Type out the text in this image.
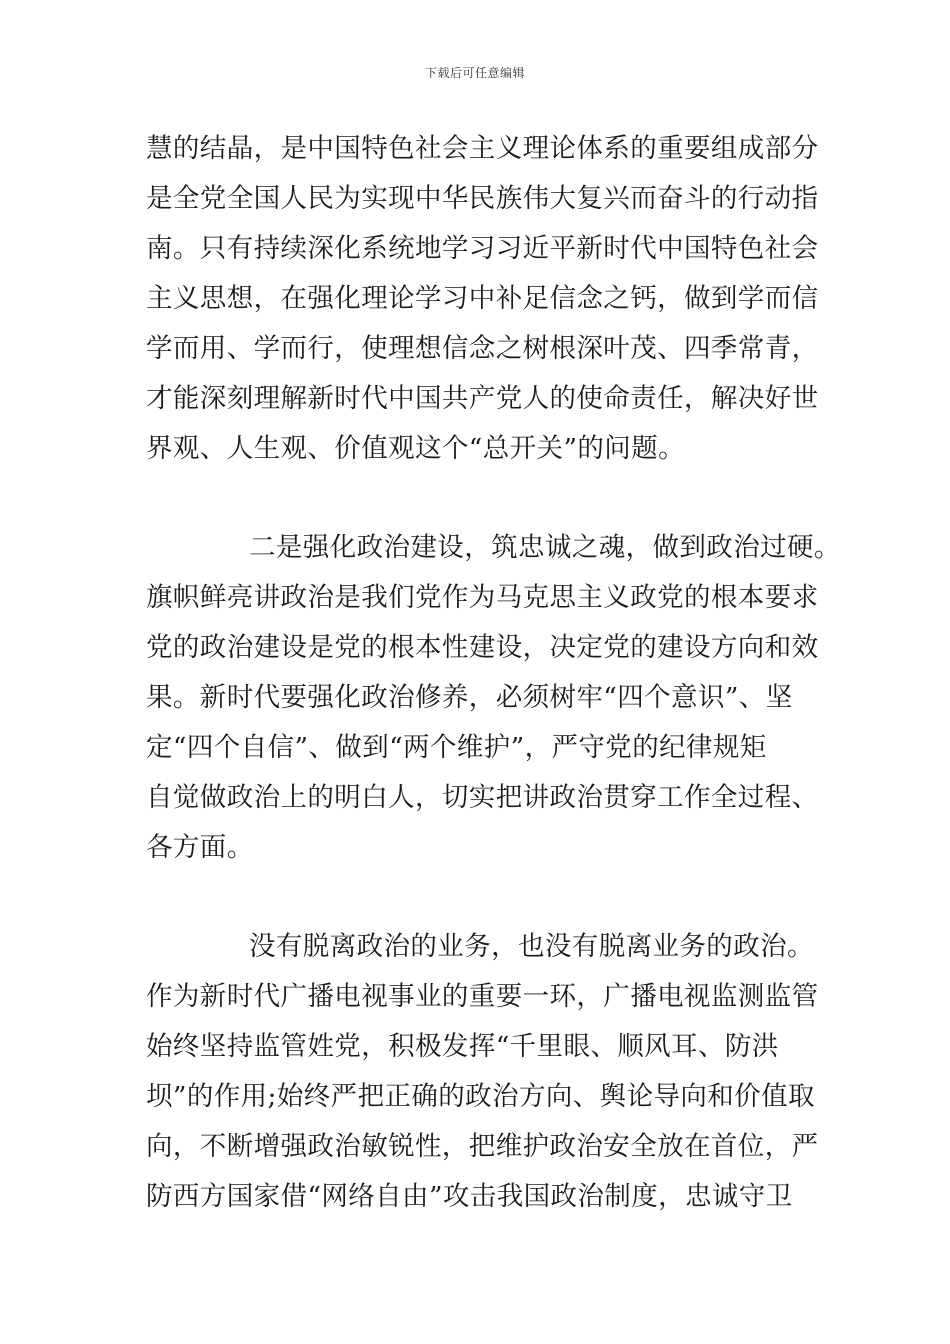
下载后可任意编辑
慧的结晶，是中国特色社会主义理论体系的重要组成部分
是全党全国人民为实现中华民族伟大复兴而奋斗的行动指
南。只有持续深化系统地学习习近平新时代中国特色社会
主义思想，在强化理论学习中补足信念之钙，做到学而信
学而用、学而行，使理想信念之树根深叶茂、四季常青，
才能深刻理解新时代中国共产党人的使命责任，解决好世
界观、人生观、价值观这个“总开关”的问题。
二是强化政治建设，筑忠诚之魂，做到政治过硬。
旗帜鲜亮讲政治是我们党作为马克思主义政党的根本要求
党的政治建设是党的根本性建设，决定党的建设方向和效
果。新时代要强化政治修养，必须树牢“四个意识”、坚
定“四个自信”、做到“两个维护”，严守党的纪律规矩
自觉做政治上的明白人，切实把讲政治贯穿工作全过程、
各方面。
没有脱离政治的业务，也没有脱离业务的政治。
作为新时代广播电视事业的重要一环，广播电视监测监管
始终坚持监管姓党，积极发挥“千里眼、顺风耳、防洪
坝”的作用;始终严把正确的政治方向、舆论导向和价值取
向，不断增强政治敏锐性，把维护政治安全放在首位，严
防西方国家借“网络自由”攻击我国政治制度，忠诚守卫
